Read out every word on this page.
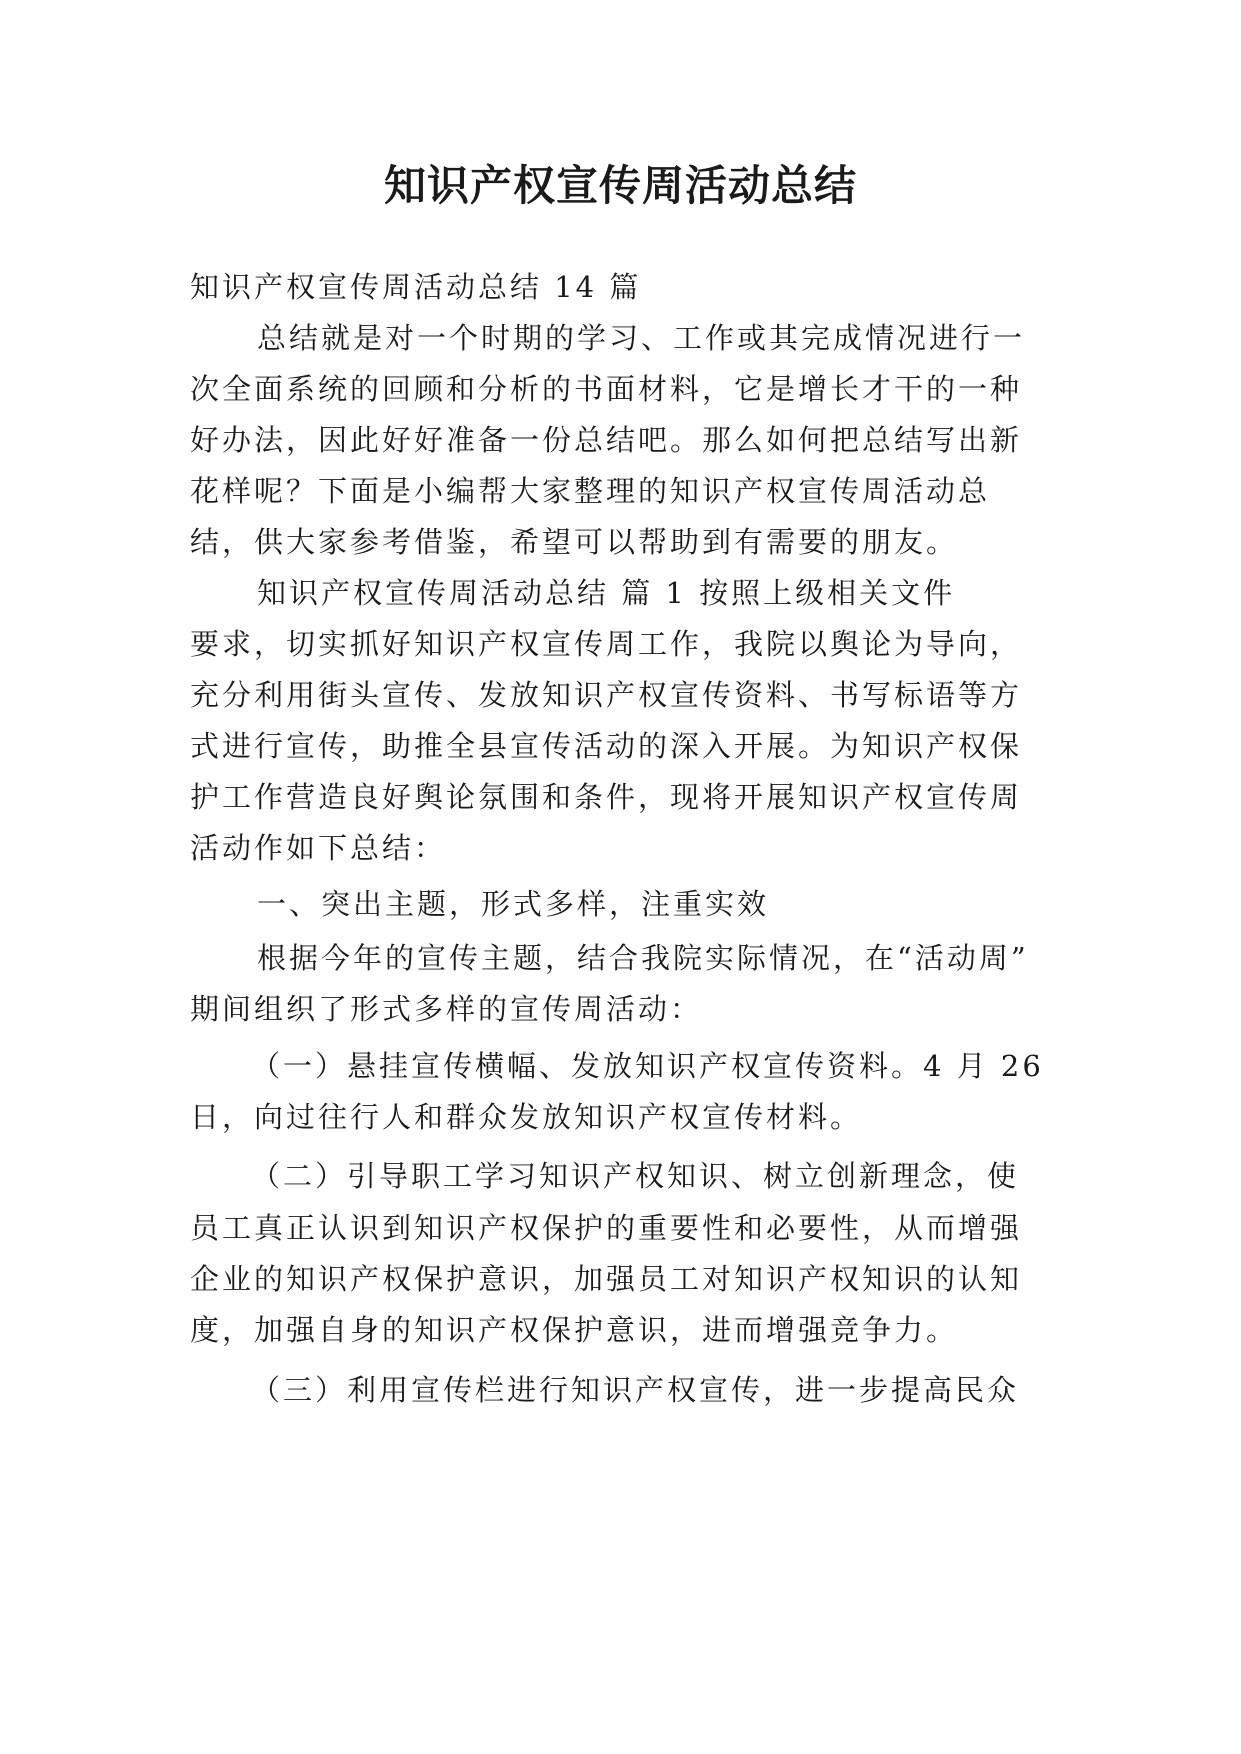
知识产权宣传周活动总结
知识产权宣传周活动总结 14 篇
总结就是对一个时期的学习、工作或其完成情况进行一
次全面系统的回顾和分析的书面材料，它是增长才干的一种
好办法，因此好好准备一份总结吧。那么如何把总结写出新
花样呢？下面是小编帮大家整理的知识产权宣传周活动总
结，供大家参考借鉴，希望可以帮助到有需要的朋友。
知识产权宣传周活动总结 篇 1 按照上级相关文件
要求，切实抓好知识产权宣传周工作，我院以舆论为导向，
充分利用街头宣传、发放知识产权宣传资料、书写标语等方
式进行宣传，助推全县宣传活动的深入开展。为知识产权保
护工作营造良好舆论氛围和条件，现将开展知识产权宣传周
活动作如下总结：
一、突出主题，形式多样，注重实效
根据今年的宣传主题，结合我院实际情况，在“活动周”
期间组织了形式多样的宣传周活动：
（一）悬挂宣传横幅、发放知识产权宣传资料。4 月 26
日，向过往行人和群众发放知识产权宣传材料。
（二）引导职工学习知识产权知识、树立创新理念，使
员工真正认识到知识产权保护的重要性和必要性，从而增强
企业的知识产权保护意识，加强员工对知识产权知识的认知
度，加强自身的知识产权保护意识，进而增强竞争力。
（三）利用宣传栏进行知识产权宣传，进一步提高民众
